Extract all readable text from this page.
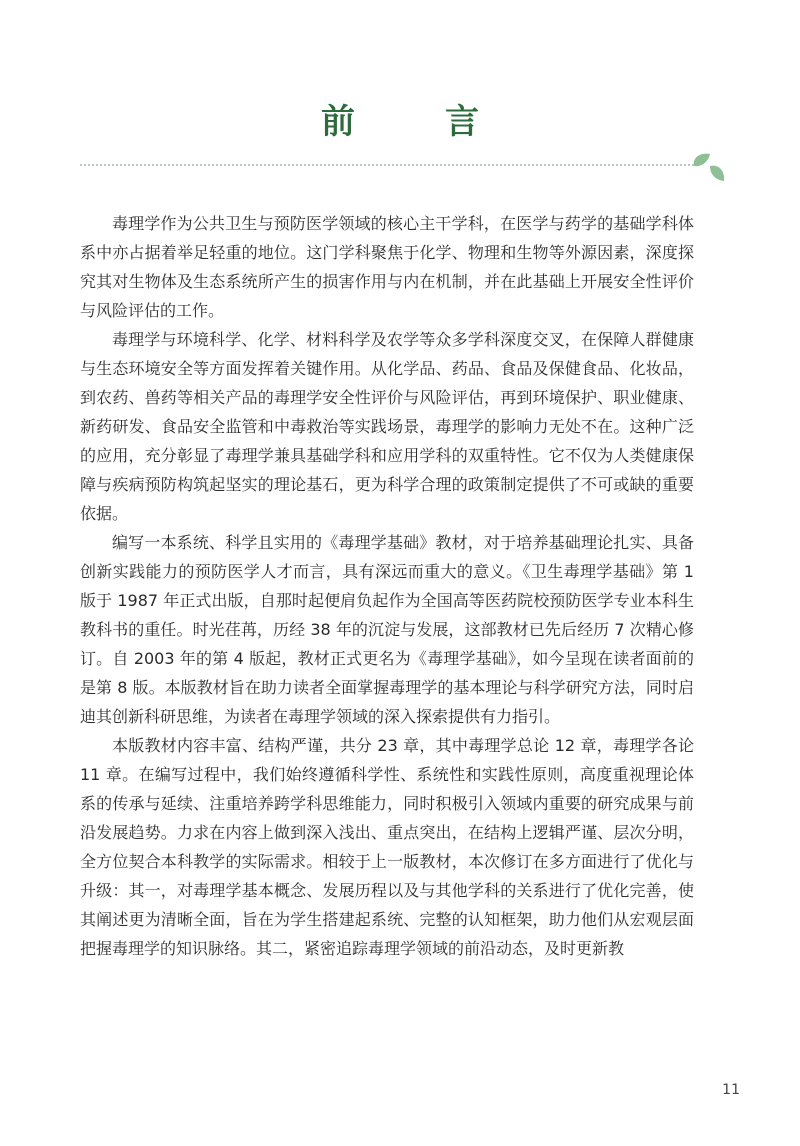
前　言

毒理学作为公共卫生与预防医学领域的核心主干学科，在医学与药学的基础学科体系中亦占据着举足轻重的地位。这门学科聚焦于化学、物理和生物等外源因素，深度探究其对生物体及生态系统所产生的损害作用与内在机制，并在此基础上开展安全性评价与风险评估的工作。

毒理学与环境科学、化学、材料科学及农学等众多学科深度交叉，在保障人群健康与生态环境安全等方面发挥着关键作用。从化学品、药品、食品及保健食品、化妆品，到农药、兽药等相关产品的毒理学安全性评价与风险评估，再到环境保护、职业健康、新药研发、食品安全监管和中毒救治等实践场景，毒理学的影响力无处不在。这种广泛的应用，充分彰显了毒理学兼具基础学科和应用学科的双重特性。它不仅为人类健康保障与疾病预防构筑起坚实的理论基石，更为科学合理的政策制定提供了不可或缺的重要依据。

编写一本系统、科学且实用的《毒理学基础》教材，对于培养基础理论扎实、具备创新实践能力的预防医学人才而言，具有深远而重大的意义。《卫生毒理学基础》第 1 版于 1987 年正式出版，自那时起便肩负起作为全国高等医药院校预防医学专业本科生教科书的重任。时光荏苒，历经 38 年的沉淀与发展，这部教材已先后经历 7 次精心修订。自 2003 年的第 4 版起，教材正式更名为《毒理学基础》，如今呈现在读者面前的是第 8 版。本版教材旨在助力读者全面掌握毒理学的基本理论与科学研究方法，同时启迪其创新科研思维，为读者在毒理学领域的深入探索提供有力指引。

本版教材内容丰富、结构严谨，共分 23 章，其中毒理学总论 12 章，毒理学各论 11 章。在编写过程中，我们始终遵循科学性、系统性和实践性原则，高度重视理论体系的传承与延续、注重培养跨学科思维能力，同时积极引入领域内重要的研究成果与前沿发展趋势。力求在内容上做到深入浅出、重点突出，在结构上逻辑严谨、层次分明，全方位契合本科教学的实际需求。相较于上一版教材，本次修订在多方面进行了优化与升级：其一，对毒理学基本概念、发展历程以及与其他学科的关系进行了优化完善，使其阐述更为清晰全面，旨在为学生搭建起系统、完整的认知框架，助力他们从宏观层面把握毒理学的知识脉络。其二，紧密追踪毒理学领域的前沿动态，及时更新教

11
